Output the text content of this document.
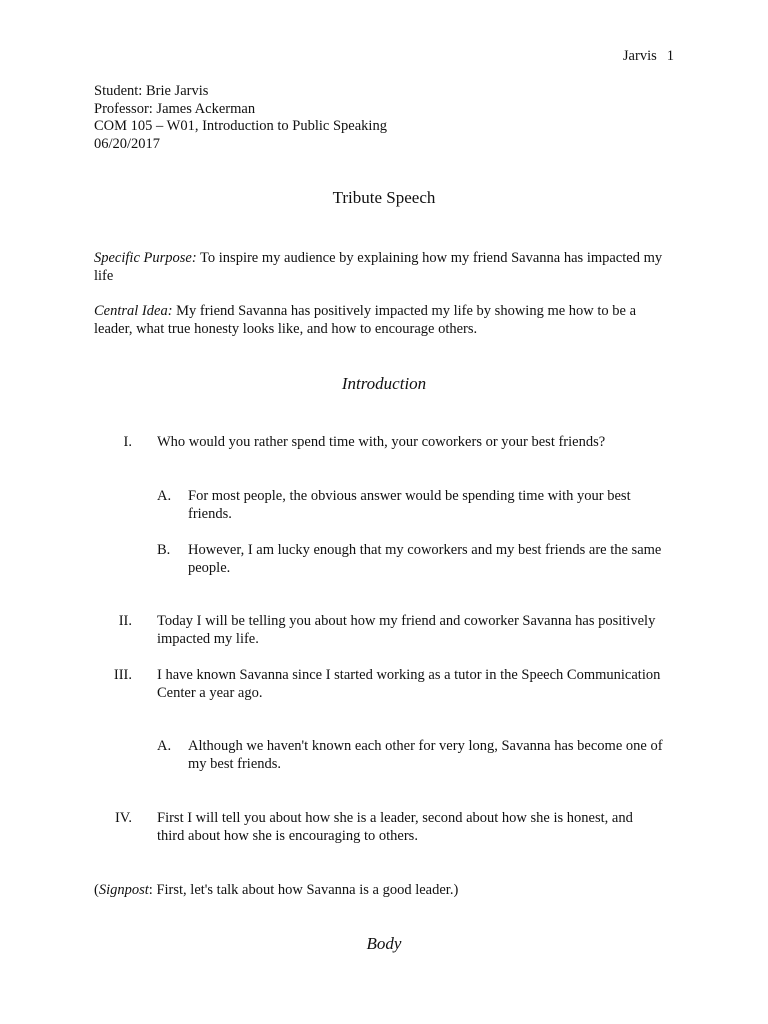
Jarvis 1
Student: Brie Jarvis
Professor: James Ackerman
COM 105 – W01, Introduction to Public Speaking
06/20/2017
Tribute Speech
Specific Purpose: To inspire my audience by explaining how my friend Savanna has impacted my life
Central Idea: My friend Savanna has positively impacted my life by showing me how to be a leader, what true honesty looks like, and how to encourage others.
Introduction
I. Who would you rather spend time with, your coworkers or your best friends?
A.	For most people, the obvious answer would be spending time with your best friends.
B.	However, I am lucky enough that my coworkers and my best friends are the same people.
II. Today I will be telling you about how my friend and coworker Savanna has positively impacted my life.
III. I have known Savanna since I started working as a tutor in the Speech Communication Center a year ago.
A.	Although we haven't known each other for very long, Savanna has become one of my best friends.
IV. First I will tell you about how she is a leader, second about how she is honest, and third about how she is encouraging to others.
(Signpost: First, let's talk about how Savanna is a good leader.)
Body
